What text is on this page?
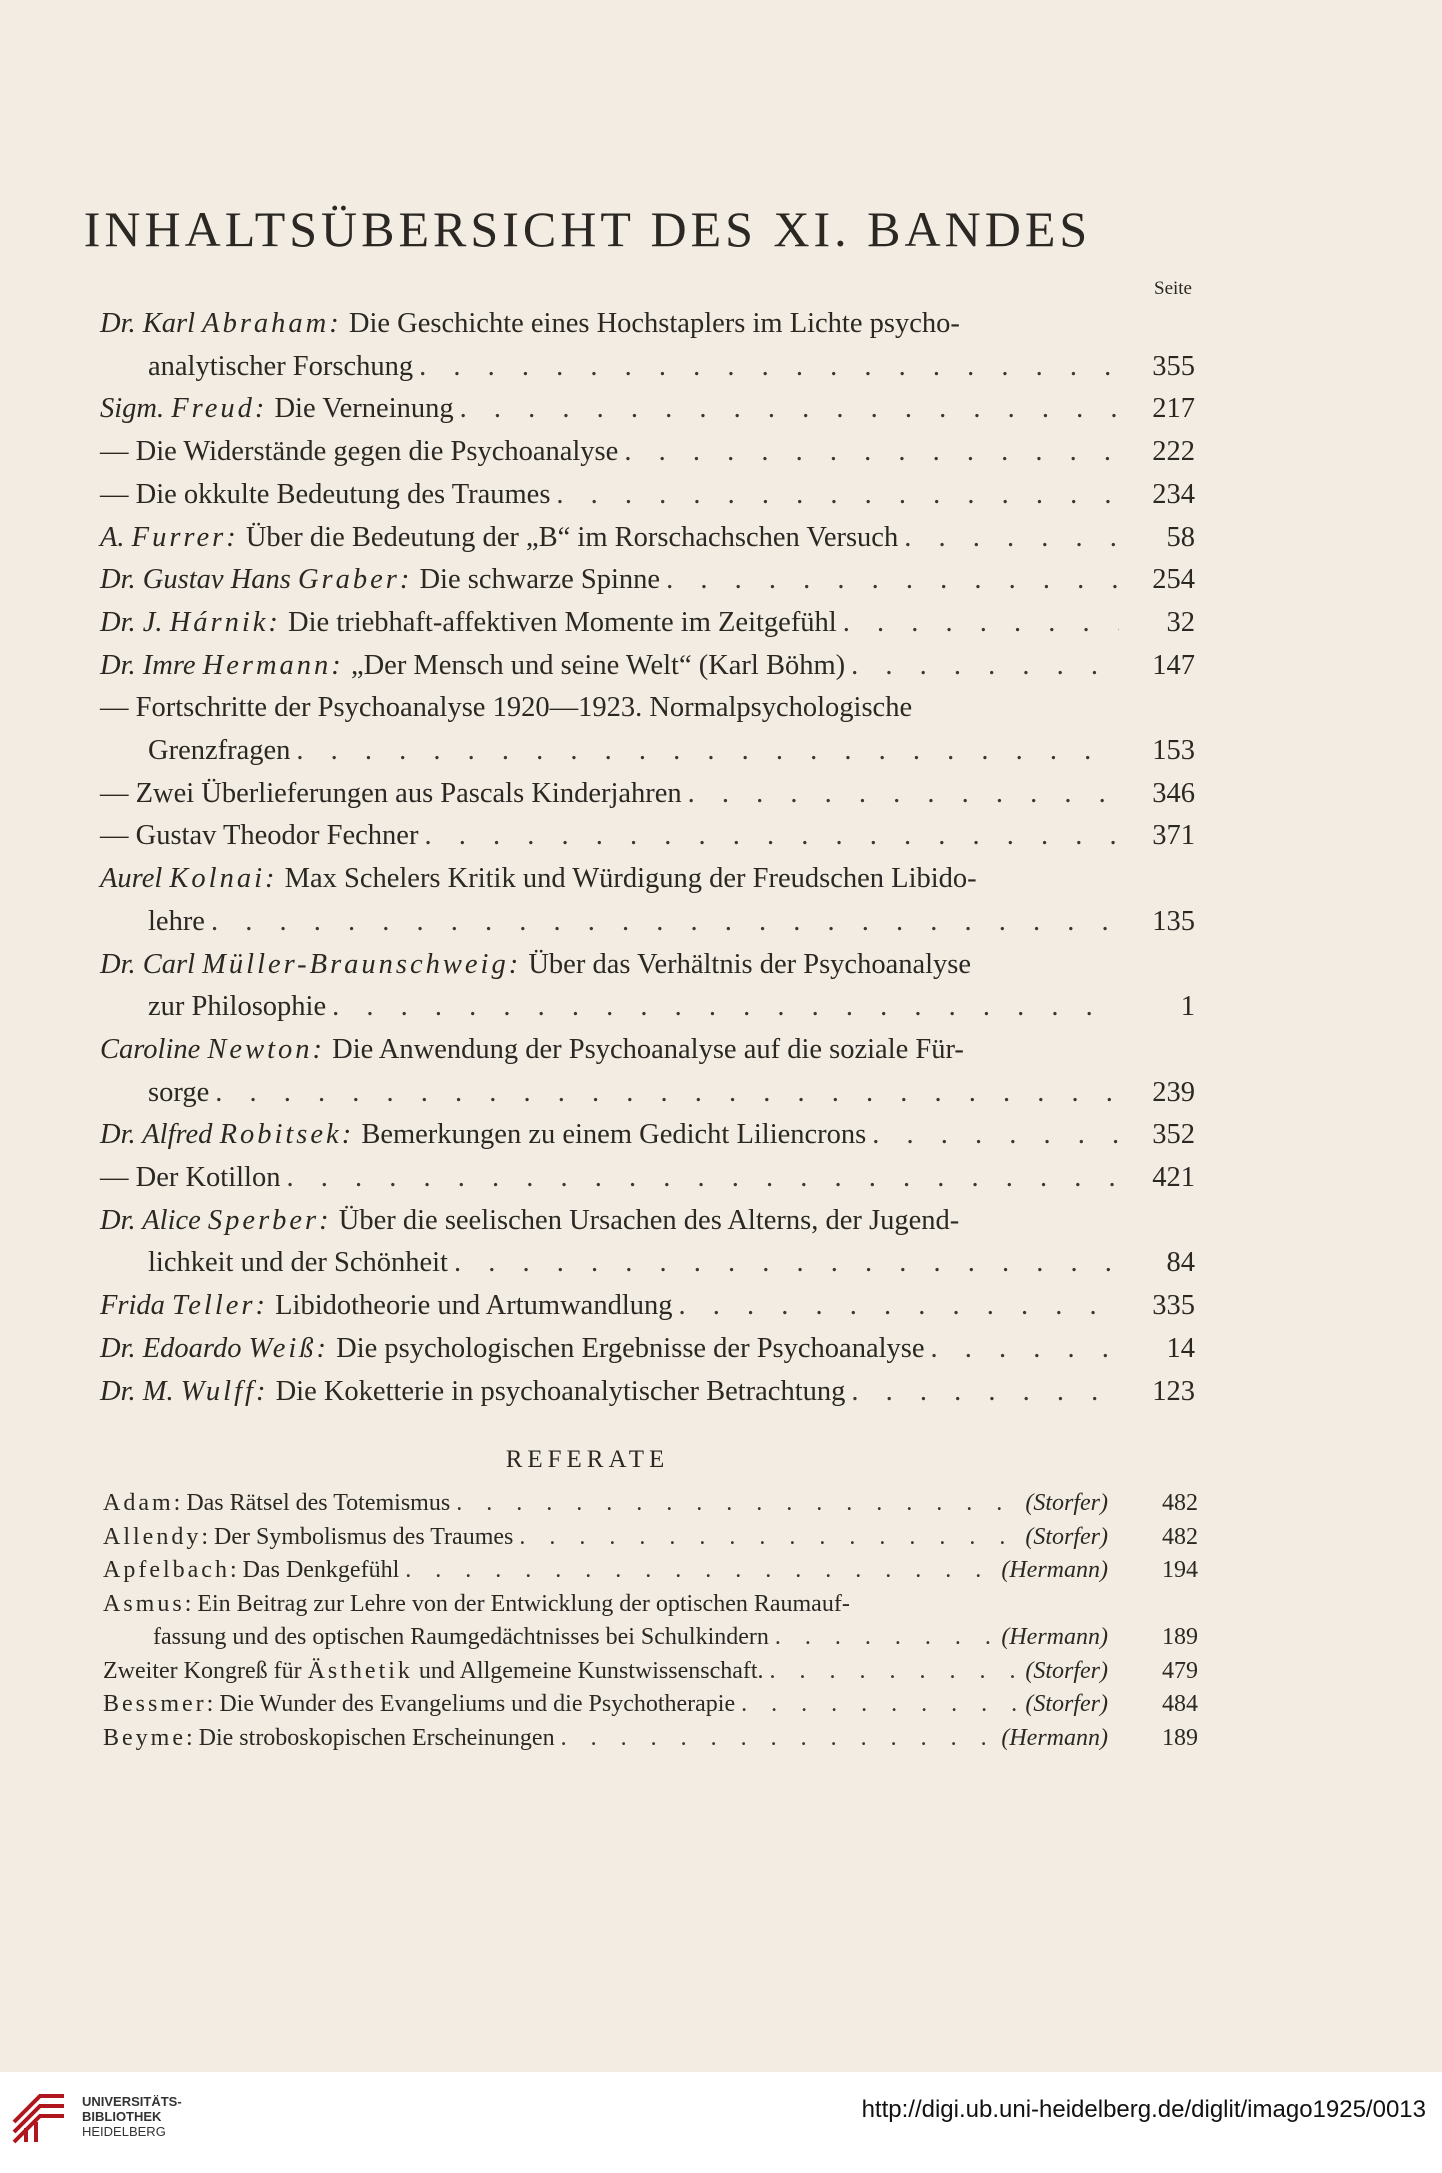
INHALTSÜBERSICHT DES XI. BANDES
Seite
Dr. Karl Abraham: Die Geschichte eines Hochstaplers im Lichte psycho-
analytischer Forschung . . .	355
Sigm. Freud: Die Verneinung . . .	217
— Die Widerstände gegen die Psychoanalyse . . .	222
— Die okkulte Bedeutung des Traumes . . .	234
A. Furrer: Über die Bedeutung der „B“ im Rorschachschen Versuch . . .	58
Dr. Gustav Hans Graber: Die schwarze Spinne . . .	254
Dr. J. Hárnik: Die triebhaft-affektiven Momente im Zeitgefühl . . .	32
Dr. Imre Hermann: „Der Mensch und seine Welt“ (Karl Böhm) . . .	147
— Fortschritte der Psychoanalyse 1920—1923. Normalpsychologische
Grenzfragen . . .	153
— Zwei Überlieferungen aus Pascals Kinderjahren . . .	346
— Gustav Theodor Fechner . . .	371
Aurel Kolnai: Max Schelers Kritik und Würdigung der Freudschen Libido-
lehre . . .	135
Dr. Carl Müller-Braunschweig: Über das Verhältnis der Psychoanalyse
zur Philosophie . . .	1
Caroline Newton: Die Anwendung der Psychoanalyse auf die soziale Für-
sorge . . .	239
Dr. Alfred Robitsek: Bemerkungen zu einem Gedicht Liliencrons . . .	352
— Der Kotillon . . .	421
Dr. Alice Sperber: Über die seelischen Ursachen des Alterns, der Jugend-
lichkeit und der Schönheit . . .	84
Frida Teller: Libidotheorie und Artumwandlung . . .	335
Dr. Edoardo Weiß: Die psychologischen Ergebnisse der Psychoanalyse . . .	14
Dr. M. Wulff: Die Koketterie in psychoanalytischer Betrachtung . . .	123
REFERATE
Adam: Das Rätsel des Totemismus . . .	(Storfer)	482
Allendy: Der Symbolismus des Traumes . . .	(Storfer)	482
Apfelbach: Das Denkgefühl . . .	(Hermann)	194
Asmus: Ein Beitrag zur Lehre von der Entwicklung der optischen Raumauf-
fassung und des optischen Raumgedächtnisses bei Schulkindern . . .	(Hermann)	189
Zweiter Kongreß für Ästhetik und Allgemeine Kunstwissenschaft. . . .	(Storfer)	479
Bessmer: Die Wunder des Evangeliums und die Psychotherapie . . .	(Storfer)	484
Beyme: Die stroboskopischen Erscheinungen . . .	(Hermann)	189
UNIVERSITÄTS-
BIBLIOTHEK
HEIDELBERG
http://digi.ub.uni-heidelberg.de/diglit/imago1925/0013
